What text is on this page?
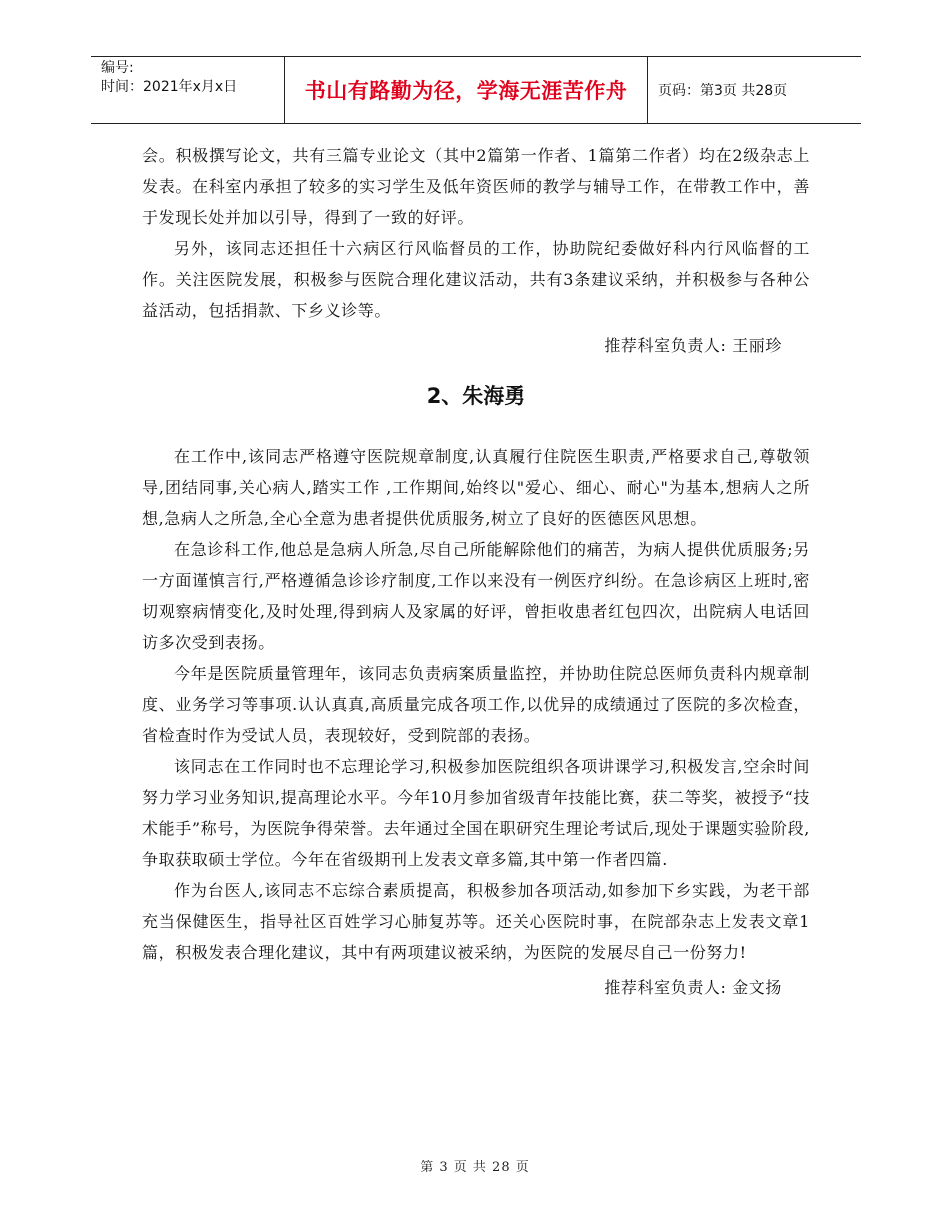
编号:
时间：2021年x月x日	书山有路勤为径，学海无涯苦作舟	页码：第3页 共28页

会。积极撰写论文，共有三篇专业论文（其中2篇第一作者、1篇第二作者）均在2级杂志上发表。在科室内承担了较多的实习学生及低年资医师的教学与辅导工作，在带教工作中，善于发现长处并加以引导，得到了一致的好评。

另外，该同志还担任十六病区行风临督员的工作，协助院纪委做好科内行风临督的工作。关注医院发展，积极参与医院合理化建议活动，共有3条建议采纳，并积极参与各种公益活动，包括捐款、下乡义诊等。

推荐科室负责人: 王丽珍

2、朱海勇

在工作中,该同志严格遵守医院规章制度,认真履行住院医生职责,严格要求自己,尊敬领导,团结同事,关心病人,踏实工作 ,工作期间,始终以"爱心、细心、耐心"为基本,想病人之所想,急病人之所急,全心全意为患者提供优质服务,树立了良好的医德医风思想。

在急诊科工作,他总是急病人所急,尽自己所能解除他们的痛苦，为病人提供优质服务;另一方面谨慎言行,严格遵循急诊诊疗制度,工作以来没有一例医疗纠纷。在急诊病区上班时,密切观察病情变化,及时处理,得到病人及家属的好评，曾拒收患者红包四次，出院病人电话回访多次受到表扬。

今年是医院质量管理年，该同志负责病案质量监控，并协助住院总医师负责科内规章制度、业务学习等事项.认认真真,高质量完成各项工作,以优异的成绩通过了医院的多次检查，省检查时作为受试人员，表现较好，受到院部的表扬。

该同志在工作同时也不忘理论学习,积极参加医院组织各项讲课学习,积极发言,空余时间努力学习业务知识,提高理论水平。今年10月参加省级青年技能比赛，获二等奖，被授予“技术能手”称号，为医院争得荣誉。去年通过全国在职研究生理论考试后,现处于课题实验阶段,争取获取硕士学位。今年在省级期刊上发表文章多篇,其中第一作者四篇.

作为台医人,该同志不忘综合素质提高，积极参加各项活动,如参加下乡实践，为老干部充当保健医生，指导社区百姓学习心肺复苏等。还关心医院时事，在院部杂志上发表文章1篇，积极发表合理化建议，其中有两项建议被采纳，为医院的发展尽自己一份努力!

推荐科室负责人: 金文扬

第 3 页 共 28 页
